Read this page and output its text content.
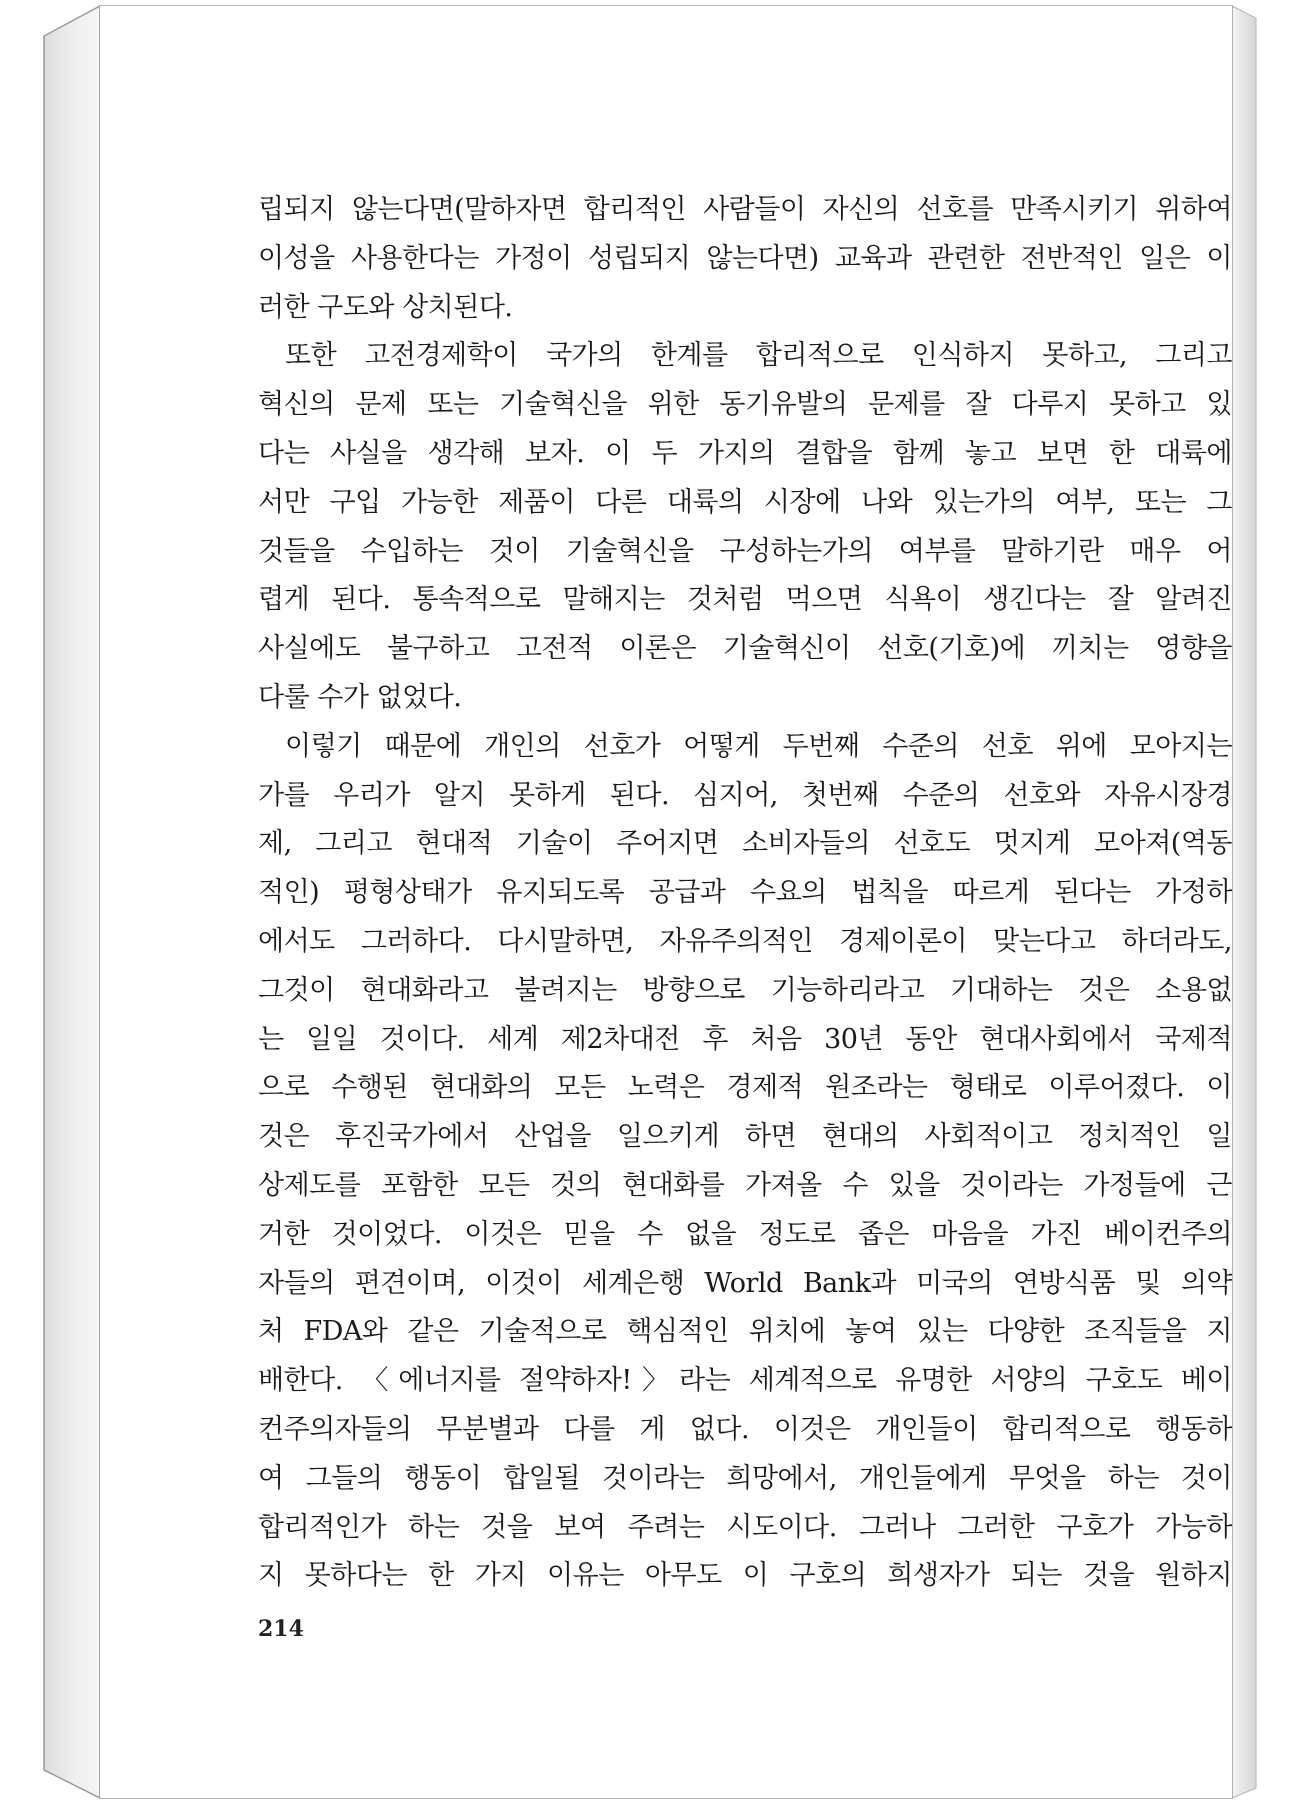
립되지 않는다면(말하자면 합리적인 사람들이 자신의 선호를 만족시키기 위하여
이성을 사용한다는 가정이 성립되지 않는다면) 교육과 관련한 전반적인 일은 이
러한 구도와 상치된다.
또한 고전경제학이 국가의 한계를 합리적으로 인식하지 못하고, 그리고
혁신의 문제 또는 기술혁신을 위한 동기유발의 문제를 잘 다루지 못하고 있
다는 사실을 생각해 보자. 이 두 가지의 결합을 함께 놓고 보면 한 대륙에
서만 구입 가능한 제품이 다른 대륙의 시장에 나와 있는가의 여부, 또는 그
것들을 수입하는 것이 기술혁신을 구성하는가의 여부를 말하기란 매우 어
렵게 된다. 통속적으로 말해지는 것처럼 먹으면 식욕이 생긴다는 잘 알려진
사실에도 불구하고 고전적 이론은 기술혁신이 선호(기호)에 끼치는 영향을
다룰 수가 없었다.
이렇기 때문에 개인의 선호가 어떻게 두번째 수준의 선호 위에 모아지는
가를 우리가 알지 못하게 된다. 심지어, 첫번째 수준의 선호와 자유시장경
제, 그리고 현대적 기술이 주어지면 소비자들의 선호도 멋지게 모아져(역동
적인) 평형상태가 유지되도록 공급과 수요의 법칙을 따르게 된다는 가정하
에서도 그러하다. 다시말하면, 자유주의적인 경제이론이 맞는다고 하더라도,
그것이 현대화라고 불려지는 방향으로 기능하리라고 기대하는 것은 소용없
는 일일 것이다. 세계 제2차대전 후 처음 30년 동안 현대사회에서 국제적
으로 수행된 현대화의 모든 노력은 경제적 원조라는 형태로 이루어졌다. 이
것은 후진국가에서 산업을 일으키게 하면 현대의 사회적이고 정치적인 일
상제도를 포함한 모든 것의 현대화를 가져올 수 있을 것이라는 가정들에 근
거한 것이었다. 이것은 믿을 수 없을 정도로 좁은 마음을 가진 베이컨주의
자들의 편견이며, 이것이 세계은행 World Bank과 미국의 연방식품 및 의약
처 FDA와 같은 기술적으로 핵심적인 위치에 놓여 있는 다양한 조직들을 지
배한다. 〈에너지를 절약하자!〉라는 세계적으로 유명한 서양의 구호도 베이
컨주의자들의 무분별과 다를 게 없다. 이것은 개인들이 합리적으로 행동하
여 그들의 행동이 합일될 것이라는 희망에서, 개인들에게 무엇을 하는 것이
합리적인가 하는 것을 보여 주려는 시도이다. 그러나 그러한 구호가 가능하
지 못하다는 한 가지 이유는 아무도 이 구호의 희생자가 되는 것을 원하지
214
